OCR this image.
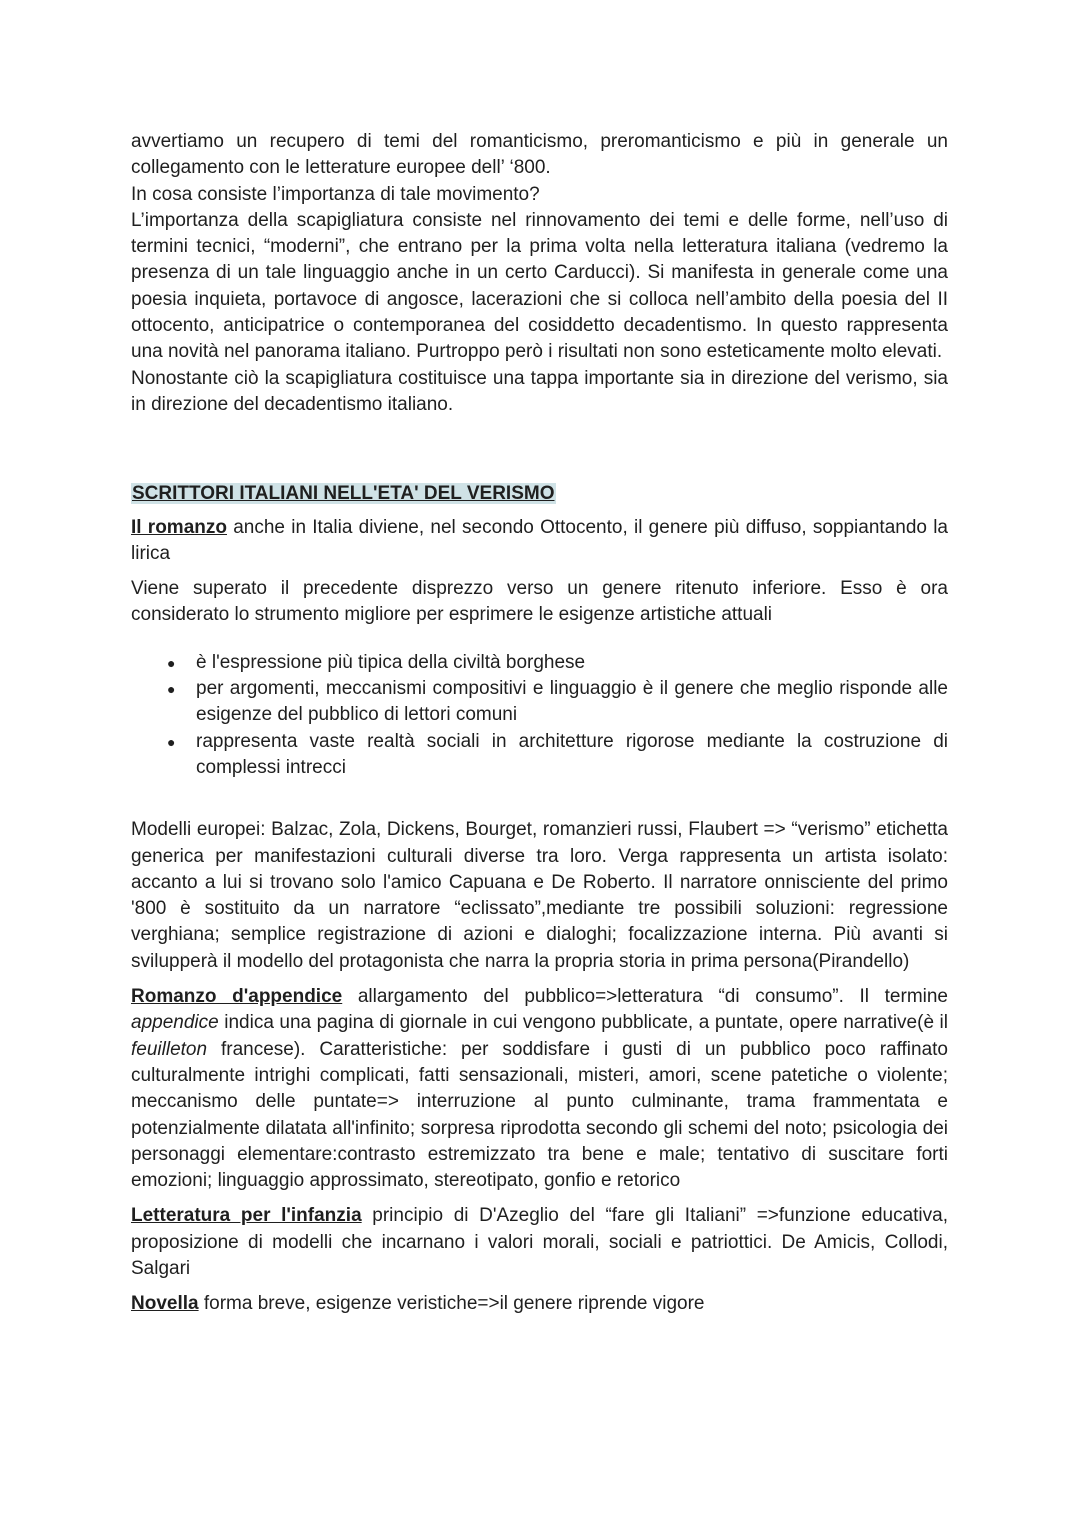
avvertiamo un recupero di temi del romanticismo, preromanticismo e più in generale un collegamento con le letterature europee dell’ ‘800.

In cosa consiste l’importanza di tale movimento?

L’importanza della scapigliatura consiste nel rinnovamento dei temi e delle forme, nell’uso di termini tecnici, “moderni”, che entrano per la prima volta nella letteratura italiana (vedremo la presenza di un tale linguaggio anche in un certo Carducci). Si manifesta in generale come una poesia inquieta, portavoce di angosce, lacerazioni che si colloca nell’ambito della poesia del II ottocento, anticipatrice o contemporanea del cosiddetto decadentismo. In questo rappresenta una novità nel panorama italiano. Purtroppo però i risultati non sono esteticamente molto elevati.

Nonostante ciò la scapigliatura costituisce una tappa importante sia in direzione del verismo, sia in direzione del decadentismo italiano.

SCRITTORI ITALIANI NELL'ETA' DEL VERISMO

Il romanzo anche in Italia diviene, nel secondo Ottocento, il genere più diffuso, soppiantando la lirica

Viene superato il precedente disprezzo verso un genere ritenuto inferiore. Esso è ora considerato lo strumento migliore per esprimere le esigenze artistiche attuali

● è l'espressione più tipica della civiltà borghese
● per argomenti, meccanismi compositivi e linguaggio è il genere che meglio risponde alle esigenze del pubblico di lettori comuni
● rappresenta vaste realtà sociali in architetture rigorose mediante la costruzione di complessi intrecci

Modelli europei: Balzac, Zola, Dickens, Bourget, romanzieri russi, Flaubert => “verismo” etichetta generica per manifestazioni culturali diverse tra loro. Verga rappresenta un artista isolato: accanto a lui si trovano solo l'amico Capuana e De Roberto. Il narratore onnisciente del primo '800 è sostituito da un narratore “eclissato”,mediante tre possibili soluzioni: regressione verghiana; semplice registrazione di azioni e dialoghi; focalizzazione interna. Più avanti si svilupperà il modello del protagonista che narra la propria storia in prima persona(Pirandello)

Romanzo d'appendice allargamento del pubblico=>letteratura “di consumo”. Il termine appendice indica una pagina di giornale in cui vengono pubblicate, a puntate, opere narrative(è il feuilleton francese). Caratteristiche: per soddisfare i gusti di un pubblico poco raffinato culturalmente intrighi complicati, fatti sensazionali, misteri, amori, scene patetiche o violente; meccanismo delle puntate=> interruzione al punto culminante, trama frammentata e potenzialmente dilatata all'infinito; sorpresa riprodotta secondo gli schemi del noto; psicologia dei personaggi elementare:contrasto estremizzato tra bene e male; tentativo di suscitare forti emozioni; linguaggio approssimato, stereotipato, gonfio e retorico

Letteratura per l'infanzia principio di D'Azeglio del “fare gli Italiani” =>funzione educativa, proposizione di modelli che incarnano i valori morali, sociali e patriottici. De Amicis, Collodi, Salgari

Novella forma breve, esigenze veristiche=>il genere riprende vigore
